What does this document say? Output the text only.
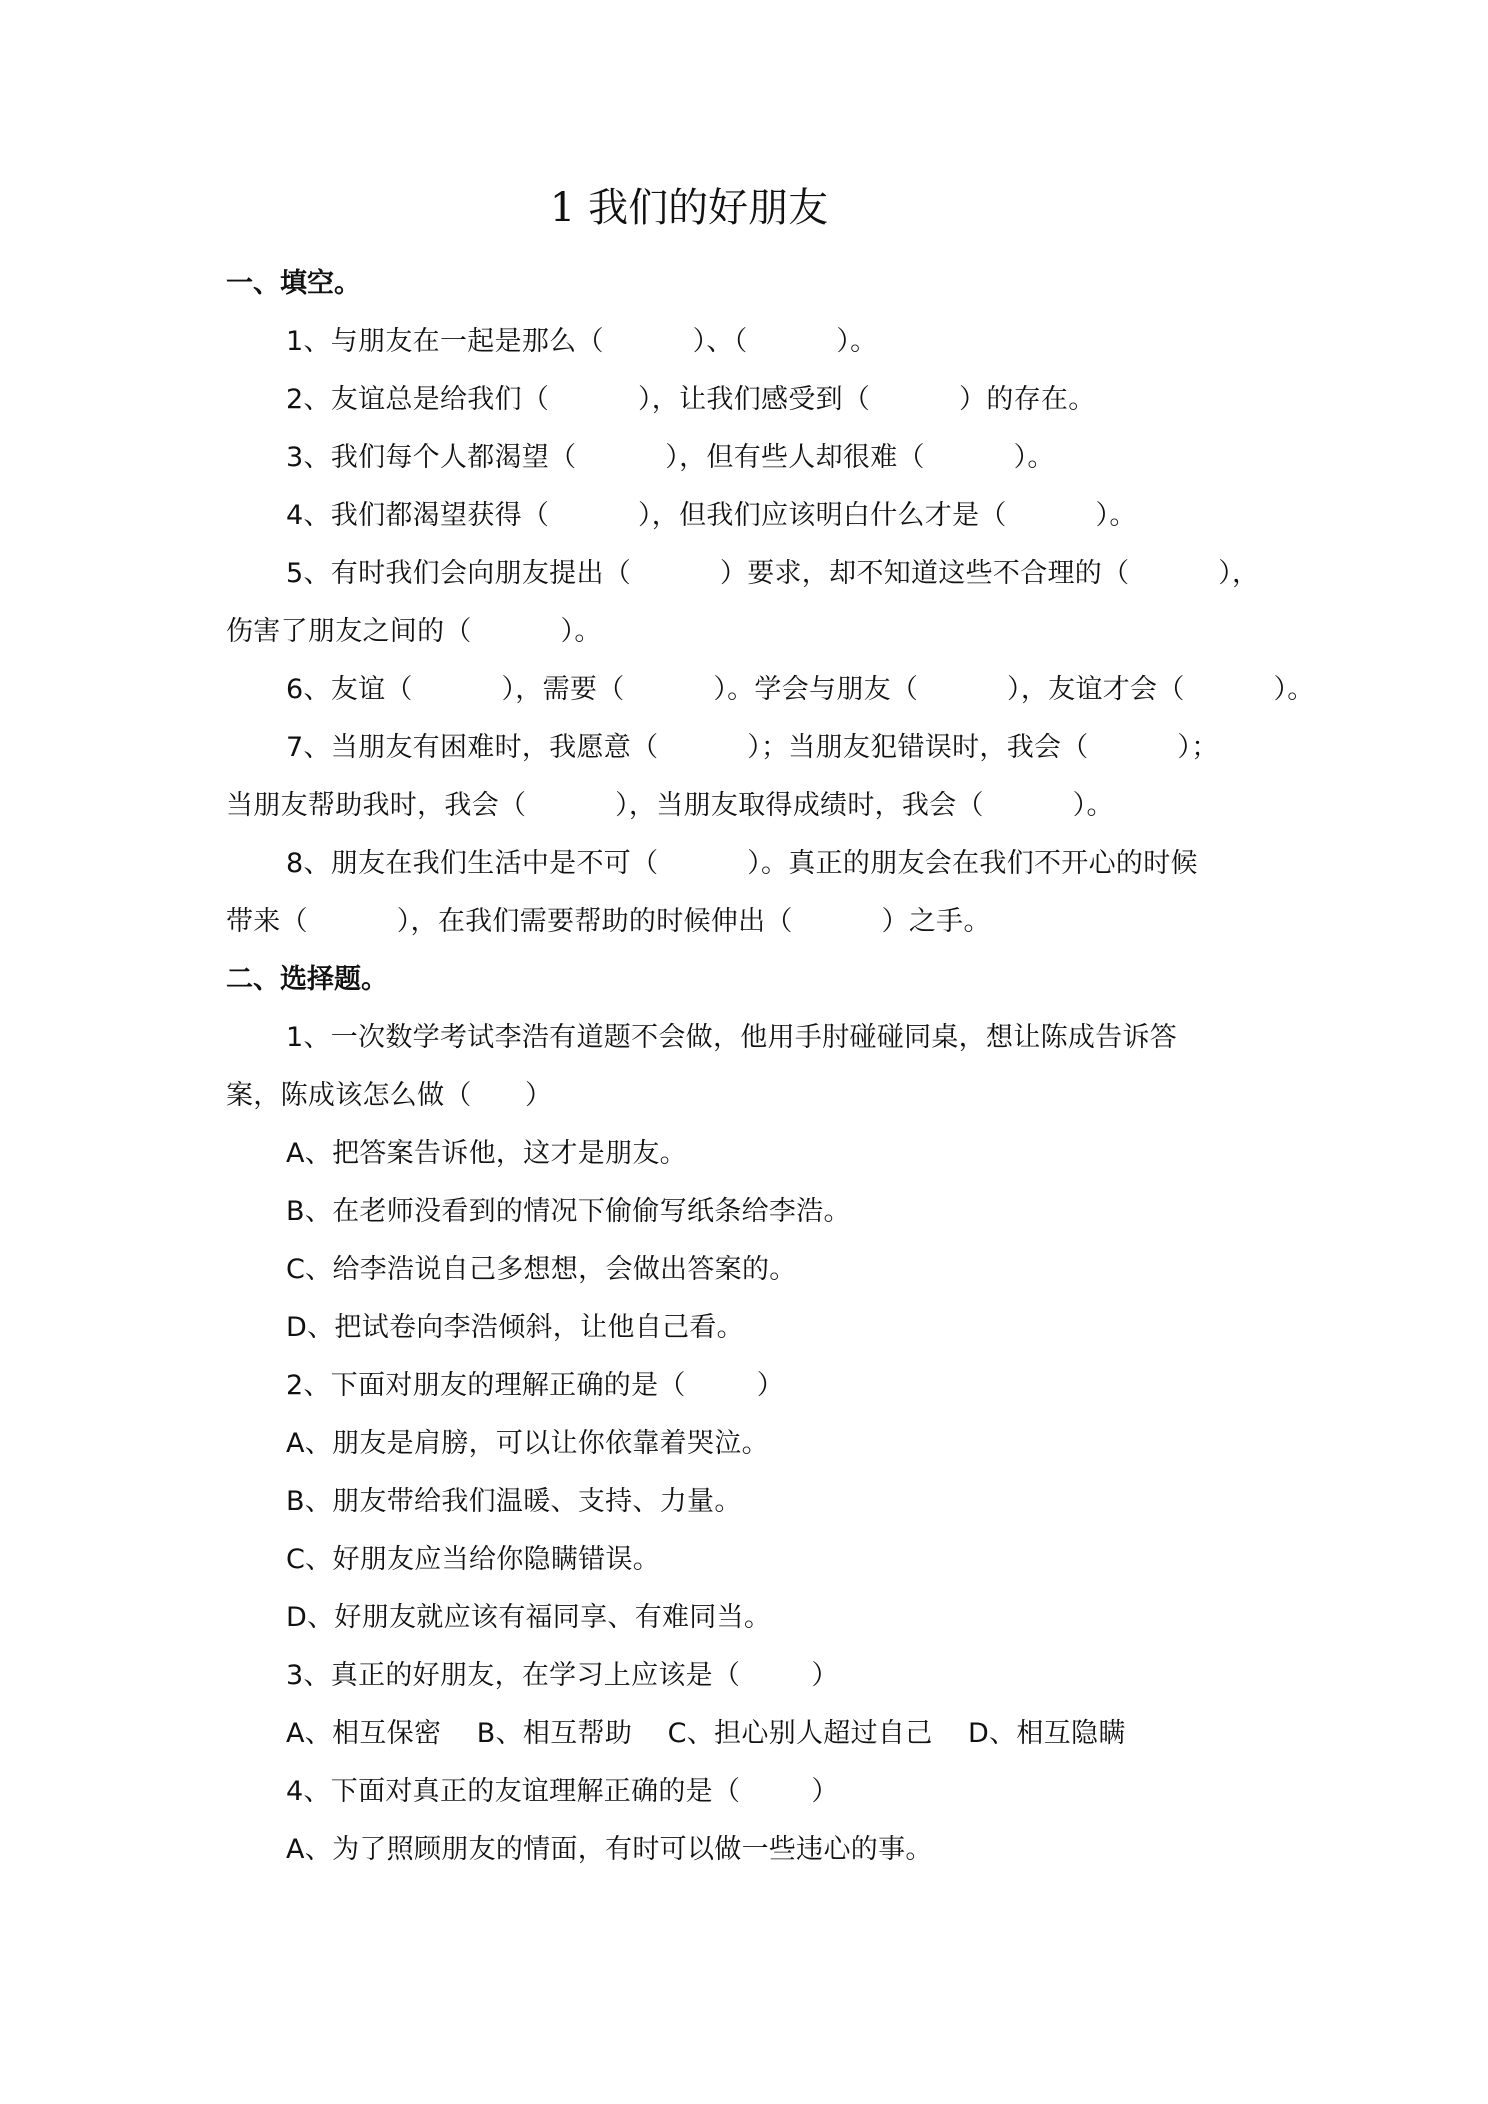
1 我们的好朋友
一、填空。
1、与朋友在一起是那么（          ）、（          ）。
2、友谊总是给我们（          ），让我们感受到（          ）的存在。
3、我们每个人都渴望（          ），但有些人却很难（          ）。
4、我们都渴望获得（          ），但我们应该明白什么才是（          ）。
5、有时我们会向朋友提出（          ）要求，却不知道这些不合理的（          ），
伤害了朋友之间的（          ）。
6、友谊（          ），需要（          ）。学会与朋友（          ），友谊才会（          ）。
7、当朋友有困难时，我愿意（          ）；当朋友犯错误时，我会（          ）；
当朋友帮助我时，我会（          ），当朋友取得成绩时，我会（          ）。
8、朋友在我们生活中是不可（          ）。真正的朋友会在我们不开心的时候
带来（          ），在我们需要帮助的时候伸出（          ）之手。
二、选择题。
1、一次数学考试李浩有道题不会做，他用手肘碰碰同桌，想让陈成告诉答
案，陈成该怎么做（      ）
A、把答案告诉他，这才是朋友。
B、在老师没看到的情况下偷偷写纸条给李浩。
C、给李浩说自己多想想，会做出答案的。
D、把试卷向李浩倾斜，让他自己看。
2、下面对朋友的理解正确的是（        ）
A、朋友是肩膀，可以让你依靠着哭泣。
B、朋友带给我们温暖、支持、力量。
C、好朋友应当给你隐瞒错误。
D、好朋友就应该有福同享、有难同当。
3、真正的好朋友，在学习上应该是（        ）
A、相互保密    B、相互帮助    C、担心别人超过自己    D、相互隐瞒
4、下面对真正的友谊理解正确的是（        ）
A、为了照顾朋友的情面，有时可以做一些违心的事。
